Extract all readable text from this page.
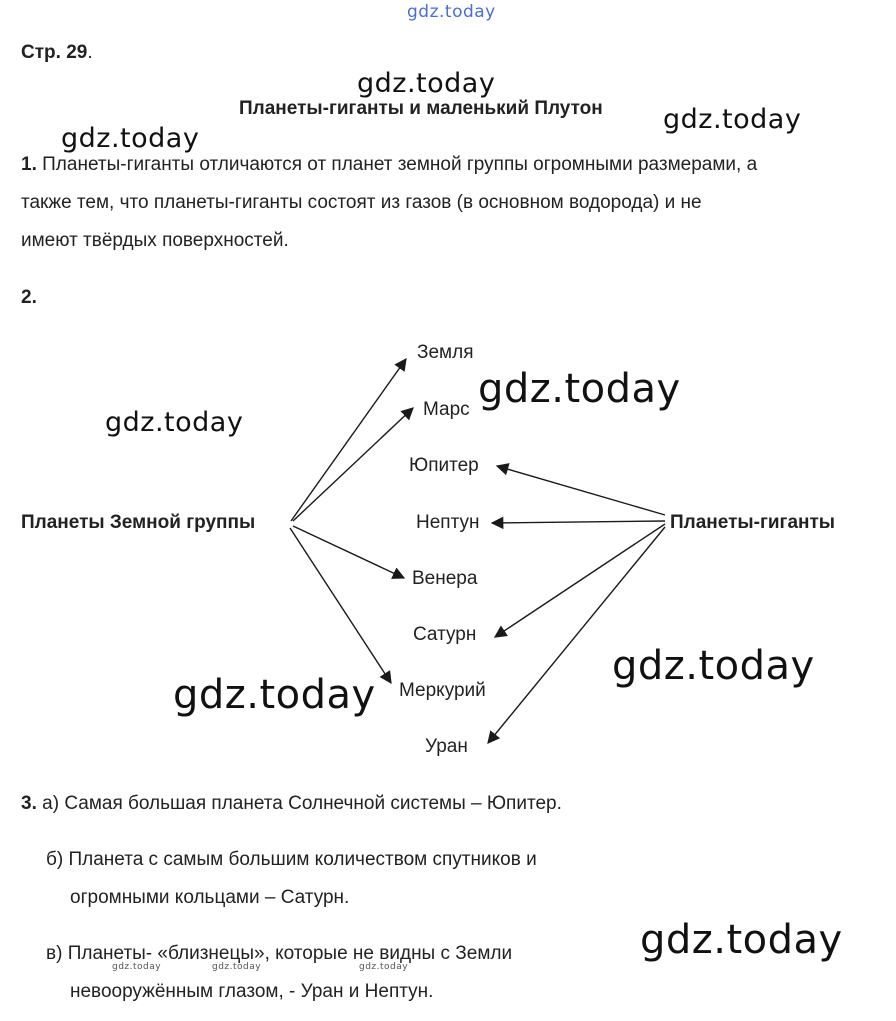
gdz.today
gdz.today
gdz.today
gdz.today
gdz.today
gdz.today
gdz.today
gdz.today
gdz.today
gdz.today	gdz.today	gdz.today
Стр. 29.
Планеты-гиганты и маленький Плутон
1. Планеты-гиганты отличаются от планет земной группы огромными размерами, а
также тем, что планеты-гиганты состоят из газов (в основном водорода) и не
имеют твёрдых поверхностей.
2.
Земля
Марс
Юпитер
Нептун
Венера
Сатурн
Меркурий
Уран
Планеты Земной группы	Планеты-гиганты
3. а) Самая большая планета Солнечной системы – Юпитер.
б) Планета с самым большим количеством спутников и
огромными кольцами – Сатурн.
в) Планеты- «близнецы», которые не видны с Земли
невооружённым глазом, - Уран и Нептун.
